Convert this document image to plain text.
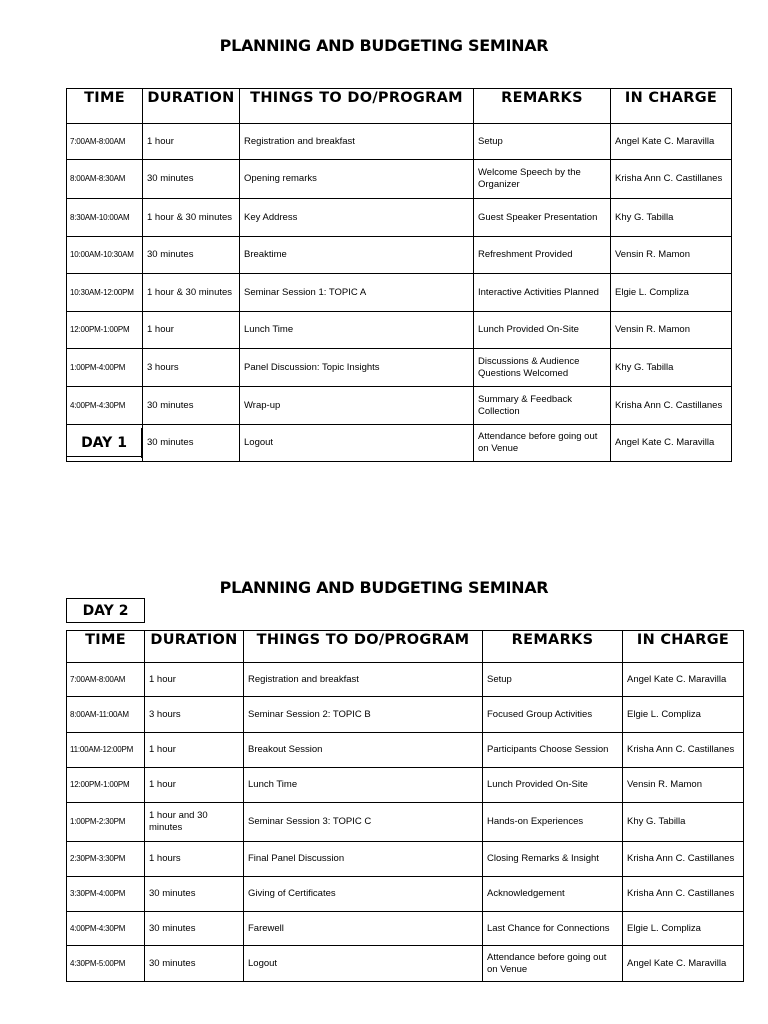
PLANNING AND BUDGETING SEMINAR
TIME	DURATION	THINGS TO DO/PROGRAM	REMARKS	IN CHARGE
7:00AM-8:00AM	1 hour	Registration and breakfast	Setup	Angel Kate C. Maravilla
8:00AM-8:30AM	30 minutes	Opening remarks	Welcome Speech by the Organizer	Krisha Ann C. Castillanes
8:30AM-10:00AM	1 hour & 30 minutes	Key Address	Guest Speaker Presentation	Khy G. Tabilla
10:00AM-10:30AM	30 minutes	Breaktime	Refreshment Provided	Vensin R. Mamon
10:30AM-12:00PM	1 hour & 30 minutes	Seminar Session 1: TOPIC A	Interactive Activities Planned	Elgie L. Compliza
12:00PM-1:00PM	1 hour	Lunch Time	Lunch Provided On-Site	Vensin R. Mamon
1:00PM-4:00PM	3 hours	Panel Discussion: Topic Insights	Discussions & Audience Questions Welcomed	Khy G. Tabilla
4:00PM-4:30PM	30 minutes	Wrap-up	Summary & Feedback Collection	Krisha Ann C. Castillanes
	30 minutes	Logout	Attendance before going out on Venue	Angel Kate C. Maravilla
DAY 1
PLANNING AND BUDGETING SEMINAR
DAY 2
TIME	DURATION	THINGS TO DO/PROGRAM	REMARKS	IN CHARGE
7:00AM-8:00AM	1 hour	Registration and breakfast	Setup	Angel Kate C. Maravilla
8:00AM-11:00AM	3 hours	Seminar Session 2: TOPIC B	Focused Group Activities	Elgie L. Compliza
11:00AM-12:00PM	1 hour	Breakout Session	Participants Choose Session	Krisha Ann C. Castillanes
12:00PM-1:00PM	1 hour	Lunch Time	Lunch Provided On-Site	Vensin R. Mamon
1:00PM-2:30PM	1 hour and 30 minutes	Seminar Session 3: TOPIC C	Hands-on Experiences	Khy G. Tabilla
2:30PM-3:30PM	1 hours	Final Panel Discussion	Closing Remarks & Insight	Krisha Ann C. Castillanes
3:30PM-4:00PM	30 minutes	Giving of Certificates	Acknowledgement	Krisha Ann C. Castillanes
4:00PM-4:30PM	30 minutes	Farewell	Last Chance for Connections	Elgie L. Compliza
4:30PM-5:00PM	30 minutes	Logout	Attendance before going out on Venue	Angel Kate C. Maravilla
